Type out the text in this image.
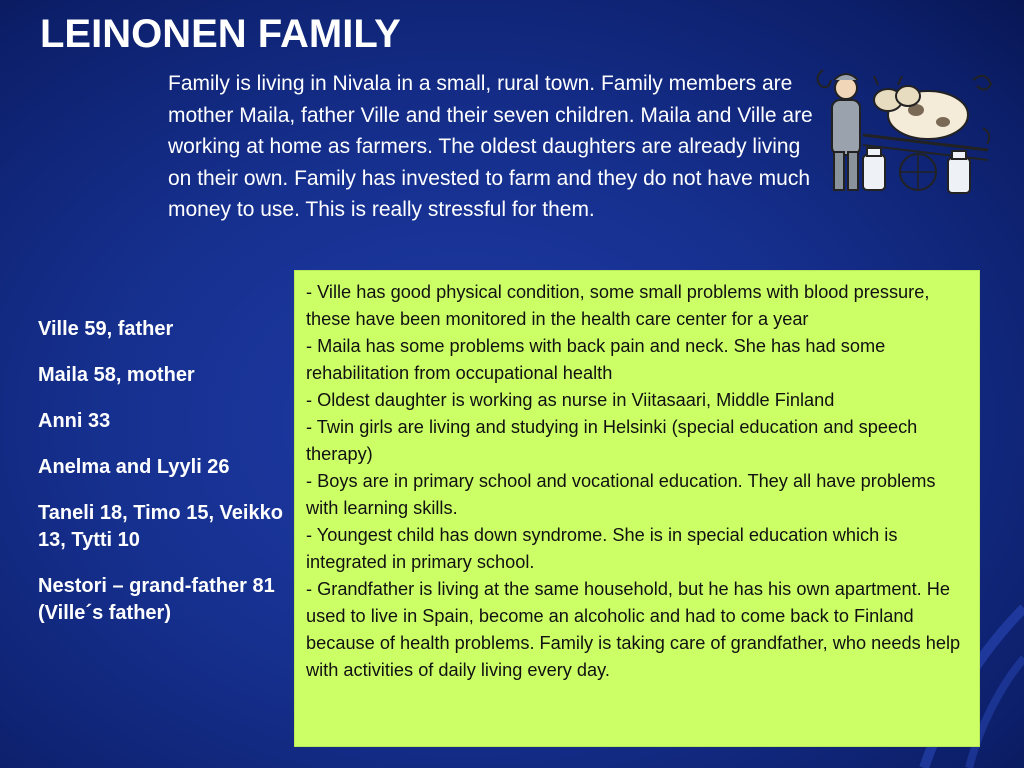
LEINONEN FAMILY
Family is living in Nivala in a small, rural town. Family members are mother Maila, father Ville and their seven children. Maila and Ville are working at home as farmers. The oldest daughters are already living on their own. Family has invested to farm and they do not have much money to use. This is really stressful for them.
Ville 59, father
Maila 58, mother
Anni 33
Anelma and Lyyli 26
Taneli 18, Timo 15, Veikko 13, Tytti 10
Nestori – grand-father 81 (Ville´s father)
- Ville has good physical condition, some small problems with blood pressure, these have been monitored in the health care center for a year
- Maila has some problems with back pain and neck. She has had some rehabilitation from occupational health
- Oldest daughter is working as nurse in Viitasaari, Middle Finland
- Twin girls are living and studying in Helsinki (special education and speech therapy)
- Boys are in primary school and vocational education. They all have problems with learning skills.
- Youngest child has down syndrome. She is in special education which is integrated in primary school.
- Grandfather is living at the same household, but he has his own apartment. He used to live in Spain, become an alcoholic and had to come back to Finland because of health problems. Family is taking care of grandfather, who needs help with activities of daily living every day.
